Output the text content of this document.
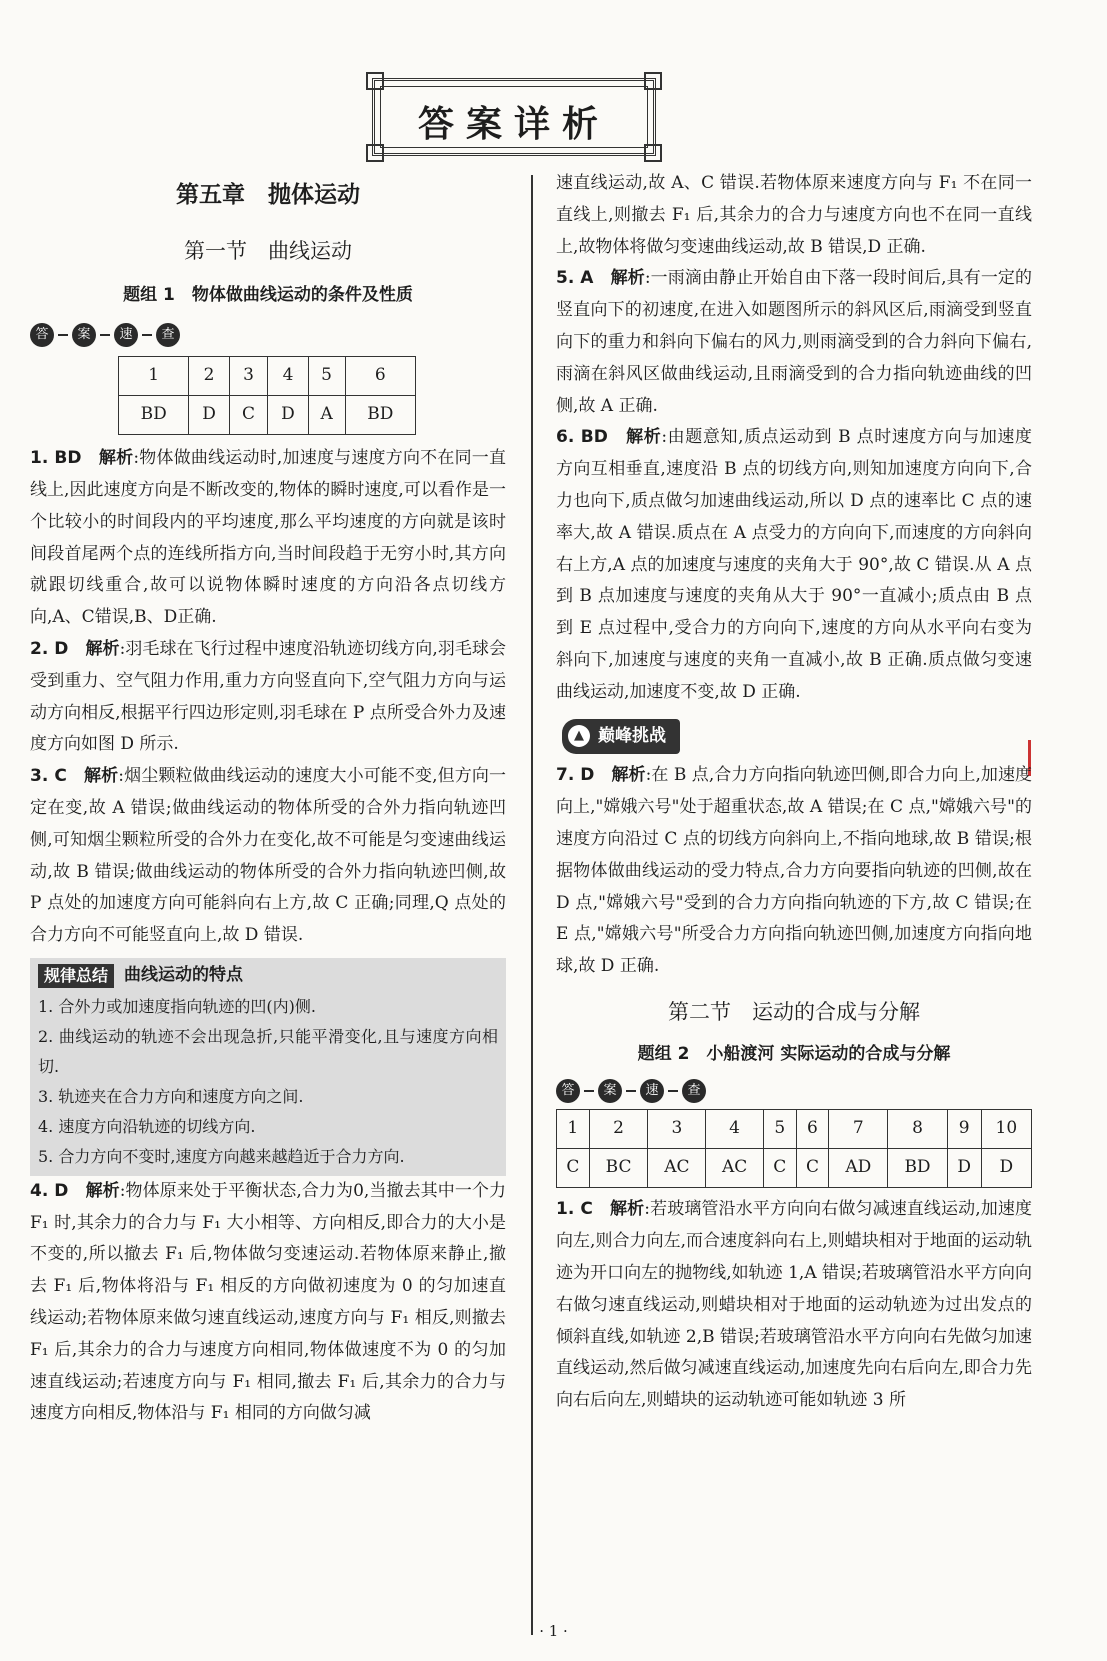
答案详析
第五章　抛体运动
第一节　曲线运动
题组 1　物体做曲线运动的条件及性质
答	案	速	查
1	2	3	4	5	6
BD	D	C	D	A	BD

1. BD　 解析:物体做曲线运动时,加速度与速度方向不在同一直线上,因此速度方向是不断改变的,物体的瞬时速度,可以看作是一个比较小的时间段内的平均速度,那么平均速度的方向就是该时间段首尾两个点的连线所指方向,当时间段趋于无穷小时,其方向就跟切线重合,故可以说物体瞬时速度的方向沿各点切线方向,A、C错误,B、D正确.

2. D　 解析:羽毛球在飞行过程中速度沿轨迹切线方向,羽毛球会受到重力、空气阻力作用,重力方向竖直向下,空气阻力方向与运动方向相反,根据平行四边形定则,羽毛球在 P 点所受合外力及速度方向如图 D 所示.

3. C　 解析:烟尘颗粒做曲线运动的速度大小可能不变,但方向一定在变,故 A 错误;做曲线运动的物体所受的合外力指向轨迹凹侧,可知烟尘颗粒所受的合外力在变化,故不可能是匀变速曲线运动,故 B 错误;做曲线运动的物体所受的合外力指向轨迹凹侧,故 P 点处的加速度方向可能斜向右上方,故 C 正确;同理,Q 点处的合力方向不可能竖直向上,故 D 错误.

规律总结 曲线运动的特点

1. 合外力或加速度指向轨迹的凹(内)侧.

2. 曲线运动的轨迹不会出现急折,只能平滑变化,且与速度方向相切.

3. 轨迹夹在合力方向和速度方向之间.

4. 速度方向沿轨迹的切线方向.

5. 合力方向不变时,速度方向越来越趋近于合力方向.

4. D　 解析:物体原来处于平衡状态,合力为0,当撤去其中一个力 F₁ 时,其余力的合力与 F₁ 大小相等、方向相反,即合力的大小是不变的,所以撤去 F₁ 后,物体做匀变速运动.若物体原来静止,撤去 F₁ 后,物体将沿与 F₁ 相反的方向做初速度为 0 的匀加速直线运动;若物体原来做匀速直线运动,速度方向与 F₁ 相反,则撤去 F₁ 后,其余力的合力与速度方向相同,物体做速度不为 0 的匀加速直线运动;若速度方向与 F₁ 相同,撤去 F₁ 后,其余力的合力与速度方向相反,物体沿与 F₁ 相同的方向做匀减

速直线运动,故 A、C 错误.若物体原来速度方向与 F₁ 不在同一直线上,则撤去 F₁ 后,其余力的合力与速度方向也不在同一直线上,故物体将做匀变速曲线运动,故 B 错误,D 正确.

5. A　 解析:一雨滴由静止开始自由下落一段时间后,具有一定的竖直向下的初速度,在进入如题图所示的斜风区后,雨滴受到竖直向下的重力和斜向下偏右的风力,则雨滴受到的合力斜向下偏右,雨滴在斜风区做曲线运动,且雨滴受到的合力指向轨迹曲线的凹侧,故 A 正确.

6. BD　 解析:由题意知,质点运动到 B 点时速度方向与加速度方向互相垂直,速度沿 B 点的切线方向,则知加速度方向向下,合力也向下,质点做匀加速曲线运动,所以 D 点的速率比 C 点的速率大,故 A 错误.质点在 A 点受力的方向向下,而速度的方向斜向右上方,A 点的加速度与速度的夹角大于 90°,故 C 错误.从 A 点到 B 点加速度与速度的夹角从大于 90°一直减小;质点由 B 点到 E 点过程中,受合力的方向向下,速度的方向从水平向右变为斜向下,加速度与速度的夹角一直减小,故 B 正确.质点做匀变速曲线运动,加速度不变,故 D 正确.

▲ 巅峰挑战

7. D　 解析:在 B 点,合力方向指向轨迹凹侧,即合力向上,加速度向上,"嫦娥六号"处于超重状态,故 A 错误;在 C 点,"嫦娥六号"的速度方向沿过 C 点的切线方向斜向上,不指向地球,故 B 错误;根据物体做曲线运动的受力特点,合力方向要指向轨迹的凹侧,故在 D 点,"嫦娥六号"受到的合力方向指向轨迹的下方,故 C 错误;在 E 点,"嫦娥六号"所受合力方向指向轨迹凹侧,加速度方向指向地球,故 D 正确.

第二节　运动的合成与分解
题组 2　小船渡河 实际运动的合成与分解
答	案	速	查
1	2	3	4	5	6	7	8	9	10
C	BC	AC	AC	C	C	AD	BD	D	D

1. C　 解析:若玻璃管沿水平方向向右做匀减速直线运动,加速度向左,则合力向左,而合速度斜向右上,则蜡块相对于地面的运动轨迹为开口向左的抛物线,如轨迹 1,A 错误;若玻璃管沿水平方向向右做匀速直线运动,则蜡块相对于地面的运动轨迹为过出发点的倾斜直线,如轨迹 2,B 错误;若玻璃管沿水平方向向右先做匀加速直线运动,然后做匀减速直线运动,加速度先向右后向左,即合力先向右后向左,则蜡块的运动轨迹可能如轨迹 3 所

· 1 ·
